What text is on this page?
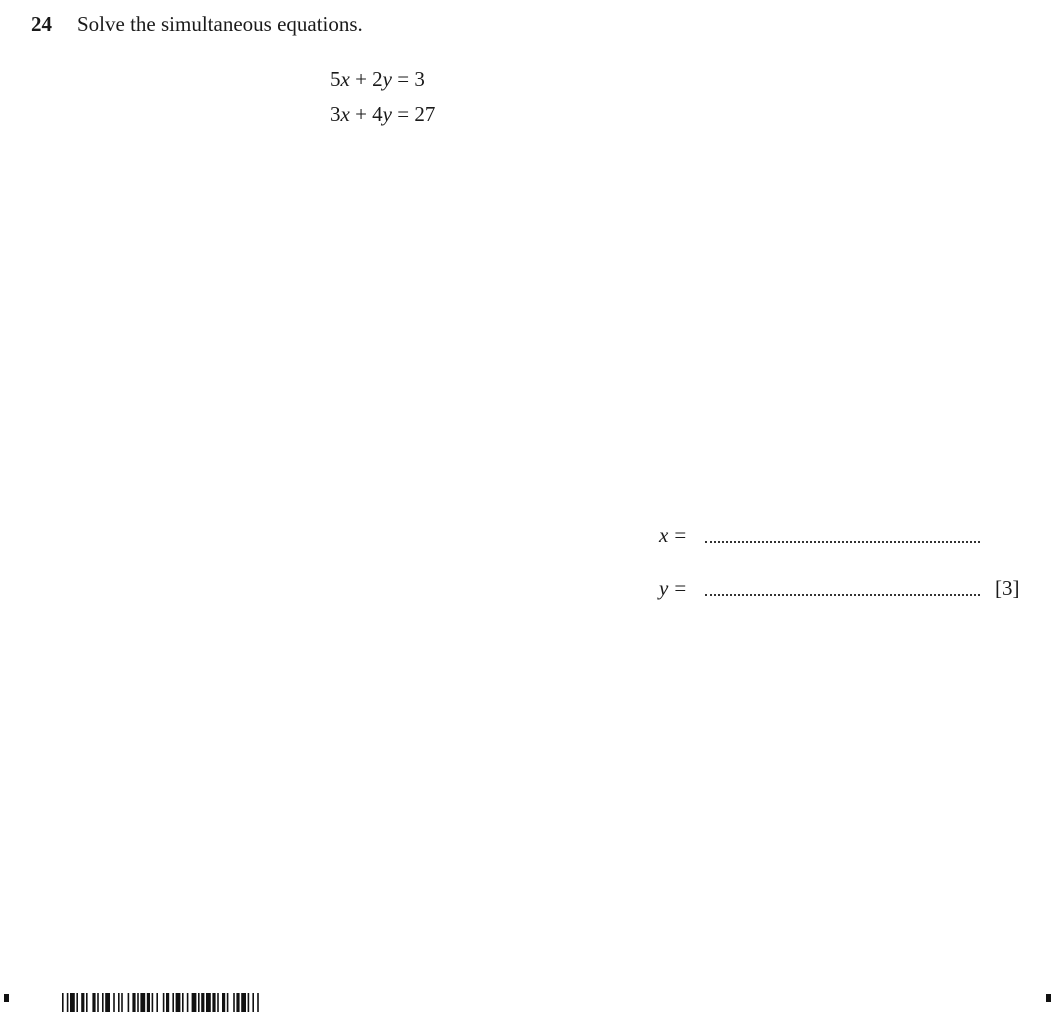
24 Solve the simultaneous equations.
5x + 2y = 3
3x + 4y = 27
x =
y =	[3]
